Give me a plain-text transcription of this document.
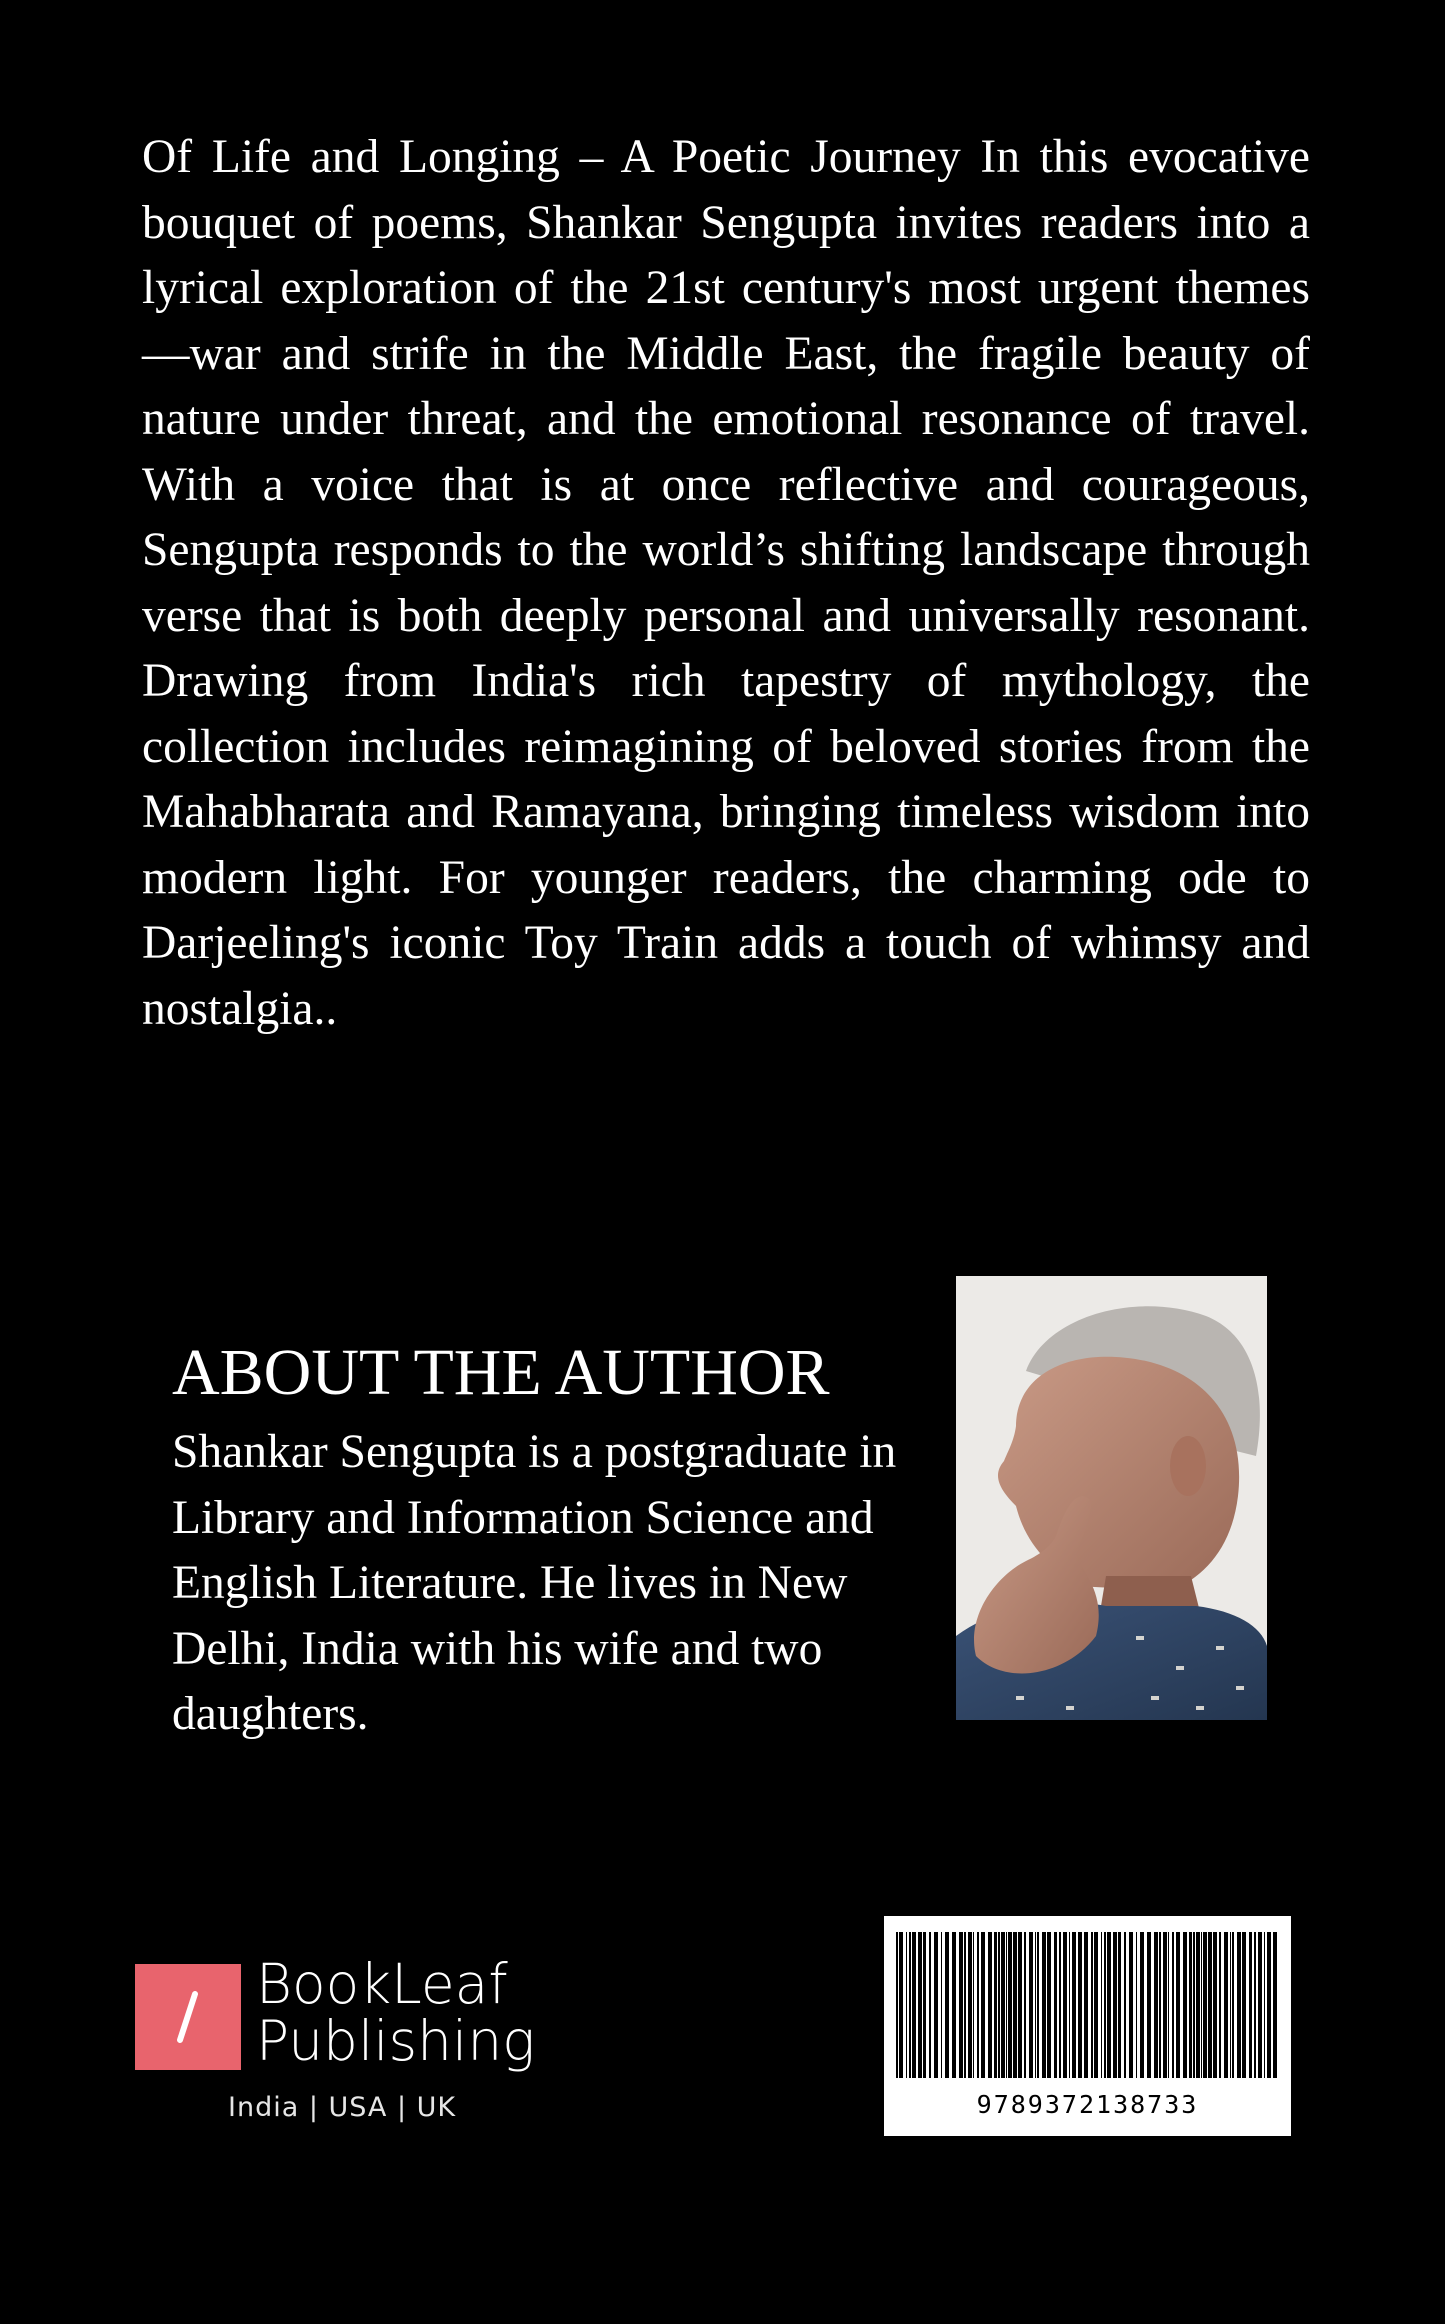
Of Life and Longing – A Poetic Journey In this evocative bouquet of poems, Shankar Sengupta invites readers into a lyrical exploration of the 21st century's most urgent themes—war and strife in the Middle East, the fragile beauty of nature under threat, and the emotional resonance of travel. With a voice that is at once reflective and courageous, Sengupta responds to the world’s shifting landscape through verse that is both deeply personal and universally resonant. Drawing from India's rich tapestry of mythology, the collection includes reimagining of beloved stories from the Mahabharata and Ramayana, bringing timeless wisdom into modern light. For younger readers, the charming ode to Darjeeling's iconic Toy Train adds a touch of whimsy and nostalgia..

ABOUT THE AUTHOR

Shankar Sengupta is a postgraduate in Library and Information Science and English Literature. He lives in New Delhi, India with his wife and two daughters.

BookLeaf
Publishing

India | USA | UK	9789372138733
